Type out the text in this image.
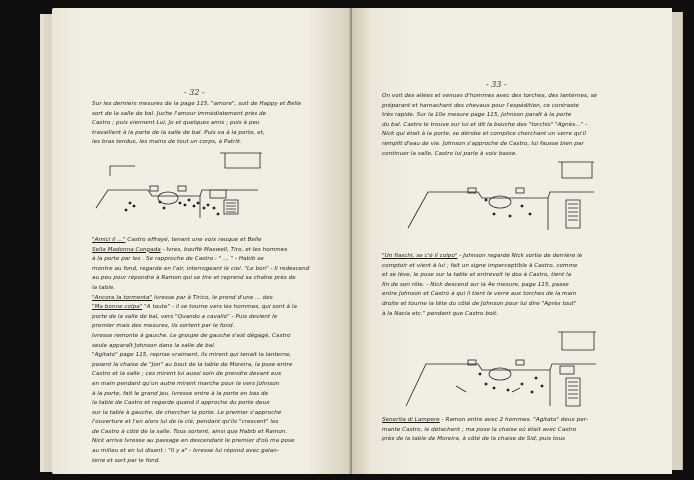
- 32 -

Sur les derniers mesures de la page 115, "amore", suit de Happy et Belle

sort de la salle de bal. Juche l'amour immédiatement près de

Castro ; puis viennent Lui, Jo et quelques amis ; puis à peu

travaillent à la porte de la salle de bal. Puis va à la porte, et,

les bras tendus, les mains de tout un corps, à Patrik.

"Amici il …" Castro effrayé, tenant une voix rauque et Belle

Sella Madonna Congada - Ivres, bouffé Maxwell, Tiro, et les hommes

à la porte par les . Se rapproche de Castro : " ... " - Habib se

montre au fond, regarde en l'air, interrogeant le ciel. "Le bon" - Il redescend

au peu pour répondre à Ramon qui se tire et reprend sa chaîne près de

la table.

"Ancora la tormenta" Ivresse par à Tirico, le prend d'une … des

"Ma bonne colpa" "A toute" - il se tourne vers les hommes, qui sont à la

porte de la salle de bal, vers "Quando a cavallo" - Puis devient le

premier mais des mesures, ils sortent par le fond.

Ivresse remonte à gauche. Le groupe de gauche s'est dégagé, Castro

seule apparaît Johnson dans la salle de bal.

"Agitato" page 115, reprise vraiment, ils mirent qui tenait la lanterne,

posent la chaise de "Jon" au bout de la table de Moreira, la pose entre

Castro et la salle ; ces mirent lui aussi soin de prendre devant eux

en main pendant qu'un autre mirent marche pour le vers Johnson

à la porte, fait le grand jeu. Ivresse entre à la porte en bas de

la table de Castro et regarde quand il approche du porte deux

sur la table à gauche, de chercher la porte. Le premier s'approche

l'ouverture et l'en alors lui de la clé, pendant qu'ils "crescent" les

de Castro à côté de la salle. Tous sortent, ainsi que Habib et Ramon.

Nick arrive Ivresse au passage en descendant le premier d'où ma pose

au milieu et en lui disant : "Il y a" - Ivresse lui répond avec galan-

terie et sort par le fond.

- 33 -

On voit des allées et venues d'hommes avec des torches, des lanternes, se

préparant et harnachant des chevaux pour l'expédition, ce contraste

très rapide. Sur la 10e mesure page 115, Johnson paraît à la porte

du bal. Castro le trouve sur lui et dit la bouche des "torchis" "Agnès…" -

Nick qui était à la porte, se dérobe et complice cherchant un verre qu'il

remplit d'eau de vie. Johnson s'approche de Castro, lui fausse bien par

continuer la salle, Castro lui parle à voix basse.

"Un fiaschi, se c'è il colpo" - Johnson regarde Nick sortie de derrière le

comptoir et vient à lui ; fait un signe imperceptible à Castro, comme

et se lève, le pose sur la table et entrevoit le dos à Castro, tient la

fin de son rôle. - Nick descend sur la 4e mesure, page 115, passe

entre Johnson et Castro à qui il tient le verre aux torches de la main

droite et tourne la tête du côté de Johnson pour lui dire "Après tout"

à la Nacia etc." pendant que Castro boit.

Senorita di Lampere - Ramon entre avec 2 hommes. "Agitato" deux per-

mante Castro, le détachent ; ma pose la chaise où était avec Castro

près de la table de Moreira, à côté de la chaise de Sid, puis tous
